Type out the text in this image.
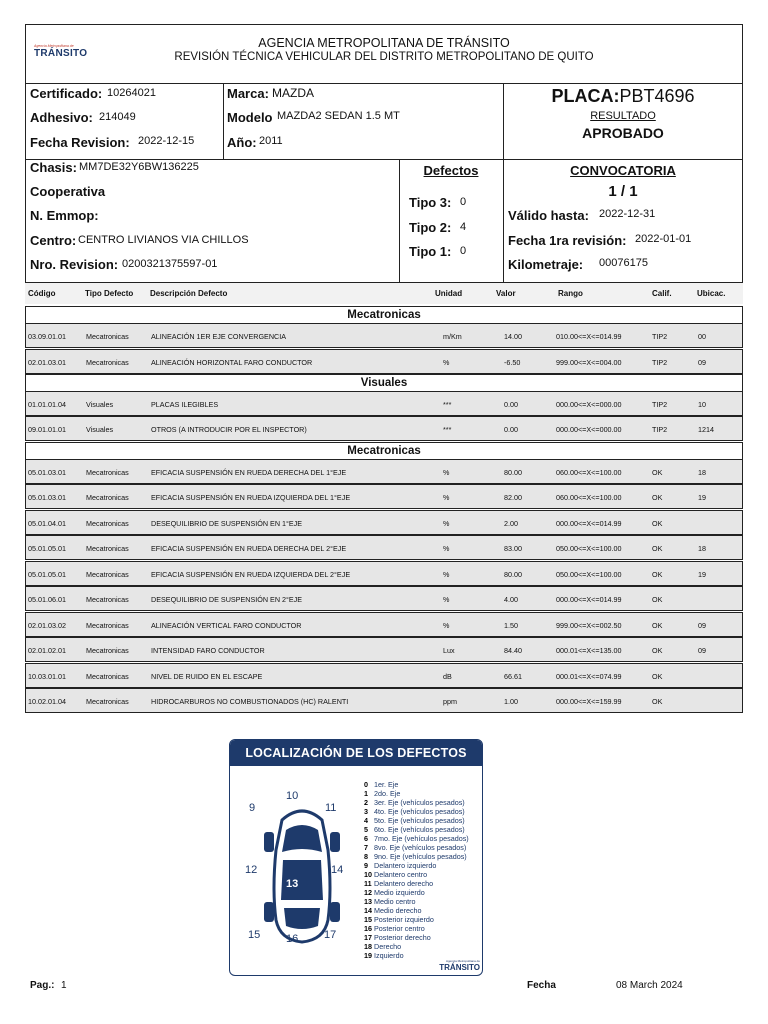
Agencia Metropolitana de
TRÁNSITO
AGENCIA METROPOLITANA DE TRÁNSITO
REVISIÓN TÉCNICA VEHICULAR DEL DISTRITO METROPOLITANO DE QUITO
Certificado: 10264021
Adhesivo: 214049
Fecha Revision: 2022-12-15
Marca: MAZDA
Modelo MAZDA2 SEDAN 1.5 MT
Año: 2011
PLACA:PBT4696
RESULTADO
APROBADO
Chasis: MM7DE32Y6BW136225
Cooperativa
N. Emmop:
Centro: CENTRO LIVIANOS VIA CHILLOS
Nro. Revision: 0200321375597-01
Defectos
Tipo 3: 0
Tipo 2: 4
Tipo 1: 0
CONVOCATORIA
1 / 1
Válido hasta: 2022-12-31
Fecha 1ra revisión: 2022-01-01
Kilometraje: 00076175
Código	Tipo Defecto Descripción Defecto	Unidad	Valor	Rango	Calif.	Ubicac.
Mecatronicas
03.09.01.01	Mecatronicas	ALINEACIÓN 1ER EJE CONVERGENCIA	m/Km	14.00	010.00<=X<=014.99	TIP2	00
02.01.03.01	Mecatronicas	ALINEACIÓN HORIZONTAL FARO CONDUCTOR	%	-6.50	999.00<=X<=004.00	TIP2	09
Visuales
01.01.01.04	Visuales	PLACAS ILEGIBLES	***	0.00	000.00<=X<=000.00	TIP2	10
09.01.01.01	Visuales	OTROS (A INTRODUCIR POR EL INSPECTOR)	***	0.00	000.00<=X<=000.00	TIP2	1214
Mecatronicas
05.01.03.01	Mecatronicas	EFICACIA SUSPENSIÓN EN RUEDA DERECHA DEL 1°EJE	%	80.00	060.00<=X<=100.00	OK	18
05.01.03.01	Mecatronicas	EFICACIA SUSPENSIÓN EN RUEDA IZQUIERDA DEL 1°EJE	%	82.00	060.00<=X<=100.00	OK	19
05.01.04.01	Mecatronicas	DESEQUILIBRIO DE SUSPENSIÓN EN 1°EJE	%	2.00	000.00<=X<=014.99	OK
05.01.05.01	Mecatronicas	EFICACIA SUSPENSIÓN EN RUEDA DERECHA DEL 2°EJE	%	83.00	050.00<=X<=100.00	OK	18
05.01.05.01	Mecatronicas	EFICACIA SUSPENSIÓN EN RUEDA IZQUIERDA DEL 2°EJE	%	80.00	050.00<=X<=100.00	OK	19
05.01.06.01	Mecatronicas	DESEQUILIBRIO DE SUSPENSIÓN EN 2°EJE	%	4.00	000.00<=X<=014.99	OK
02.01.03.02	Mecatronicas	ALINEACIÓN VERTICAL FARO CONDUCTOR	%	1.50	999.00<=X<=002.50	OK	09
02.01.02.01	Mecatronicas	INTENSIDAD FARO CONDUCTOR	Lux	84.40	000.01<=X<=135.00	OK	09
10.03.01.01	Mecatronicas	NIVEL DE RUIDO EN EL ESCAPE	dB	66.61	000.01<=X<=074.99	OK
10.02.01.04	Mecatronicas	HIDROCARBUROS NO COMBUSTIONADOS (HC) RALENTI	ppm	1.00	000.00<=X<=159.99	OK
LOCALIZACIÓN DE LOS DEFECTOS
9
10
11
12
13
14
15 16 17
0 1er. Eje
1 2do. Eje
2 3er. Eje (vehículos pesados)
3 4to. Eje (vehículos pesados)
4 5to. Eje (vehículos pesados)
5 6to. Eje (vehículos pesados)
6 7mo. Eje (vehículos pesados)
7 8vo. Eje (vehículos pesados)
8 9no. Eje (vehículos pesados)
9 Delantero izquierdo
10 Delantero centro
11 Delantero derecho
12 Medio izquierdo
13 Medio centro
14 Medio derecho
15 Posterior izquierdo
16 Posterior centro
17 Posterior derecho
18 Derecho
19 Izquierdo
Agencia Metropolitana de
TRÁNSITO
Pag.: 1	Fecha	08 March 2024
